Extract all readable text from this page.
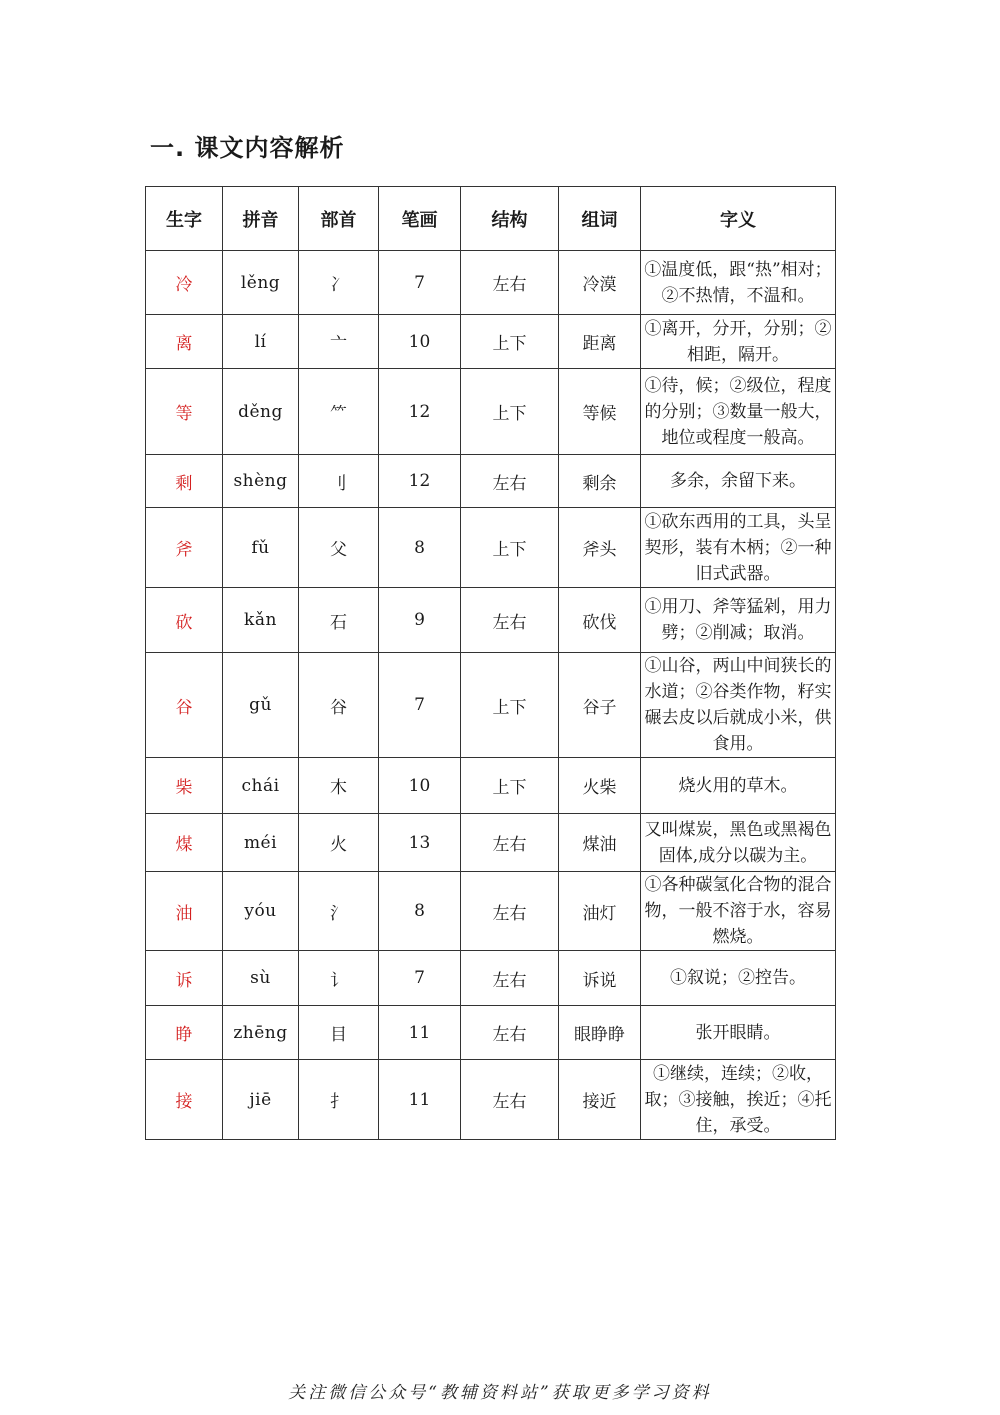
一. 课文内容解析
生字	拼音	部首	笔画	结构	组词	字义
冷	lěng	冫	7	左右	冷漠	①温度低，跟“热”相对；②不热情，不温和。
离	lí	亠	10	上下	距离	①离开，分开，分别；②相距，隔开。
等	děng	⺮	12	上下	等候	①待，候；②级位，程度的分别；③数量一般大，地位或程度一般高。
剩	shèng	刂	12	左右	剩余	多余，余留下来。
斧	fǔ	父	8	上下	斧头	①砍东西用的工具，头呈契形，装有木柄；②一种旧式武器。
砍	kǎn	石	9	左右	砍伐	①用刀、斧等猛剁，用力劈；②削减；取消。
谷	gǔ	谷	7	上下	谷子	①山谷，两山中间狭长的水道；②谷类作物，籽实碾去皮以后就成小米，供食用。
柴	chái	木	10	上下	火柴	烧火用的草木。
煤	méi	火	13	左右	煤油	又叫煤炭，黑色或黑褐色固体,成分以碳为主。
油	yóu	氵	8	左右	油灯	①各种碳氢化合物的混合物，一般不溶于水，容易燃烧。
诉	sù	讠	7	左右	诉说	①叙说；②控告。
睁	zhēng	目	11	左右	眼睁睁	张开眼睛。
接	jiē	扌	11	左右	接近	①继续，连续；②收，取；③接触，挨近；④托住，承受。
关注微信公众号“教辅资料站”获取更多学习资料
